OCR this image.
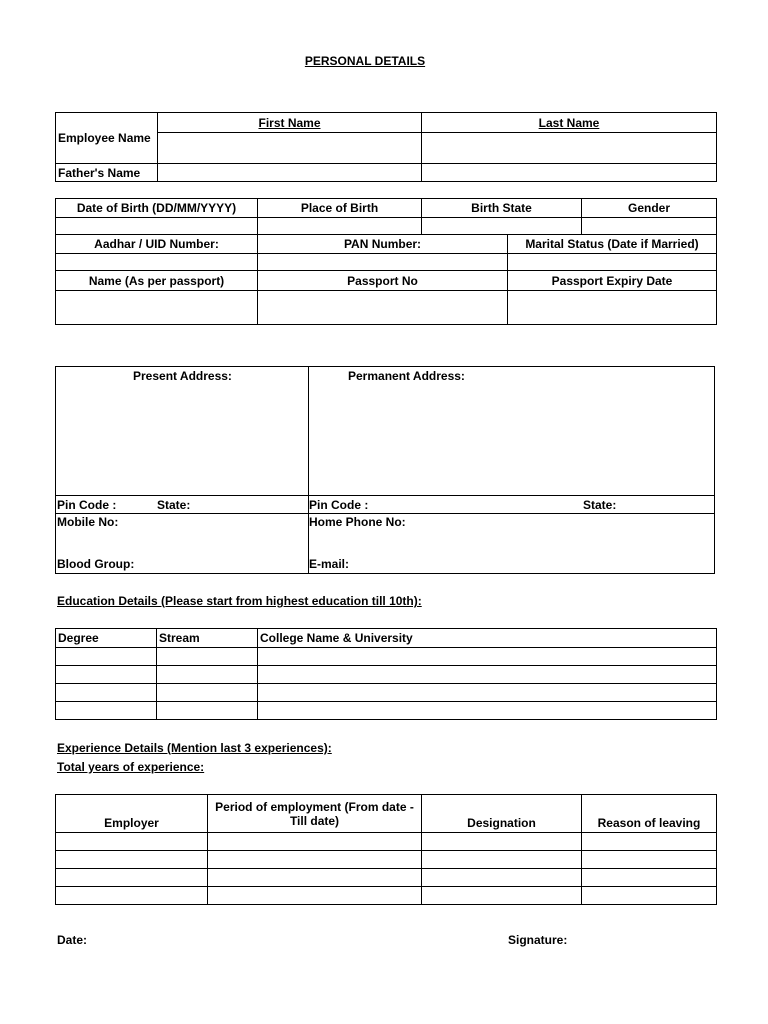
PERSONAL DETAILS
Employee Name	First Name	Last Name

Father's Name		
Date of Birth (DD/MM/YYYY)	Place of Birth	Birth State		Gender

Aadhar / UID Number:	PAN Number:		Marital Status (Date if Married)	

Name (As per passport)	Passport No		Passport Expiry Date	

Present Address:	Permanent Address:
Pin Code :	State:	Pin Code :	State:
Mobile No:	Home Phone No:
Blood Group:	E-mail:
Education Details (Please start from highest education till 10th):
Degree	Stream	College Name & University

Experience Details (Mention last 3 experiences):
Total years of experience:
Employer	Period of employment (From date - Till date)	Designation	Reason of leaving

Date:	Signature:
